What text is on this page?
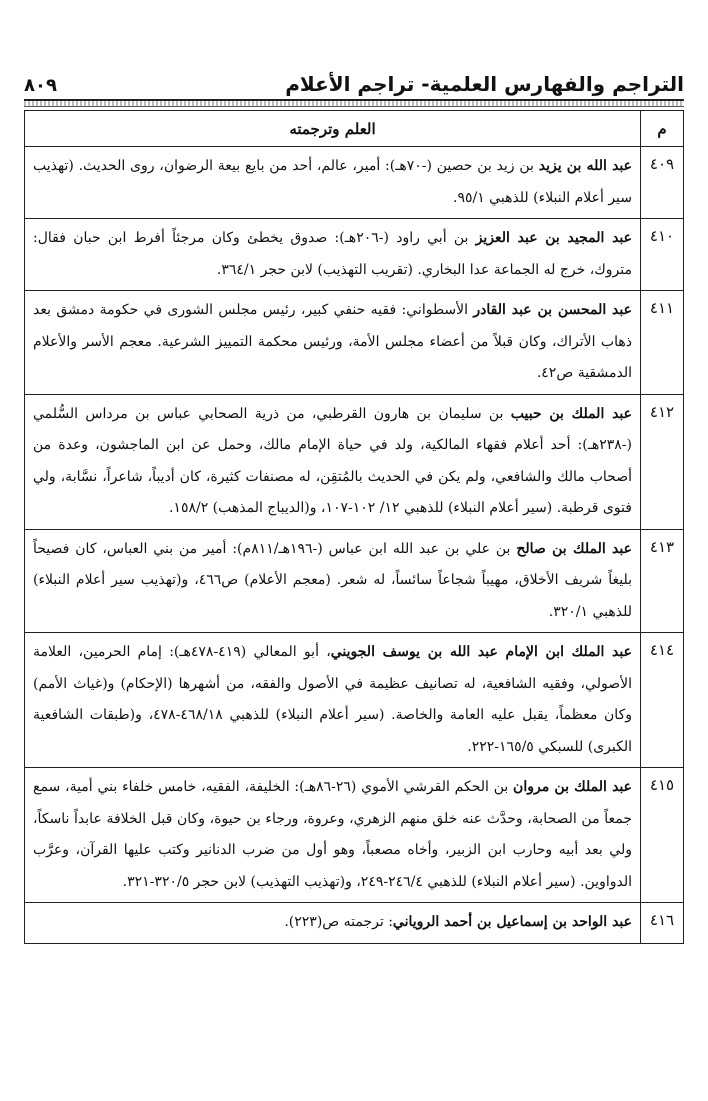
التراجم والفهارس العلمية- تراجم الأعلام
٨٠٩
م	العلم وترجمته
٤٠٩	عبد الله بن يزيد بن زيد بن حصين (-٧٠هـ): أمير، عالم، أحد من بايع بيعة الرضوان، روى الحديث. (تهذيب سير أعلام النبلاء) للذهبي ٩٥/١.
٤١٠	عبد المجيد بن عبد العزيز بن أبي راود (-٢٠٦هـ): صدوق يخطئ وكان مرجئاً أفرط ابن حبان فقال: متروك، خرج له الجماعة عدا البخاري. (تقريب التهذيب) لابن حجر ٣٦٤/١.
٤١١	عبد المحسن بن عبد القادر الأسطواني: فقيه حنفي كبير، رئيس مجلس الشورى في حكومة دمشق بعد ذهاب الأتراك، وكان قبلاً من أعضاء مجلس الأمة، ورئيس محكمة التمييز الشرعية. معجم الأسر والأعلام الدمشقية ص٤٢.
٤١٢	عبد الملك بن حبيب بن سليمان بن هارون القرطبي، من ذرية الصحابي عباس بن مرداس السُّلمي (-٢٣٨هـ): أحد أعلام فقهاء المالكية، ولد في حياة الإمام مالك، وحمل عن ابن الماجشون، وعدة من أصحاب مالك والشافعي، ولم يكن في الحديث بالمُتقِن، له مصنفات كثيرة، كان أديباً، شاعراً، نسَّابة، ولي فتوى قرطبة. (سير أعلام النبلاء) للذهبي ١٢/ ١٠٢-١٠٧، و(الديباج المذهب) ١٥٨/٢.
٤١٣	عبد الملك بن صالح بن علي بن عبد الله ابن عباس (-١٩٦هـ/٨١١م): أمير من بني العباس، كان فصيحاً بليغاً شريف الأخلاق، مهيباً شجاعاً سائساً، له شعر. (معجم الأعلام) ص٤٦٦، و(تهذيب سير أعلام النبلاء) للذهبي ٣٢٠/١.
٤١٤	عبد الملك ابن الإمام عبد الله بن يوسف الجويني، أبو المعالي (٤١٩-٤٧٨هـ): إمام الحرمين، العلامة الأصولي، وفقيه الشافعية، له تصانيف عظيمة في الأصول والفقه، من أشهرها (الإحكام) و(غياث الأمم) وكان معظماً، يقبل عليه العامة والخاصة. (سير أعلام النبلاء) للذهبي ٤٦٨/١٨-٤٧٨، و(طبقات الشافعية الكبرى) للسبكي ١٦٥/٥-٢٢٢.
٤١٥	عبد الملك بن مروان بن الحكم القرشي الأموي (٢٦-٨٦هـ): الخليفة، الفقيه، خامس خلفاء بني أمية، سمع جمعاً من الصحابة، وحدَّث عنه خلق منهم الزهري، وعروة، ورجاء بن حيوة، وكان قبل الخلافة عابداً ناسكاً، ولي بعد أبيه وحارب ابن الزبير، وأخاه مصعباً، وهو أول من ضرب الدنانير وكتب عليها القرآن، وعرَّب الدواوين. (سير أعلام النبلاء) للذهبي ٢٤٦/٤-٢٤٩، و(تهذيب التهذيب) لابن حجر ٣٢٠/٥-٣٢١.
٤١٦	عبد الواحد بن إسماعيل بن أحمد الروياني: ترجمته ص(٢٢٣).
